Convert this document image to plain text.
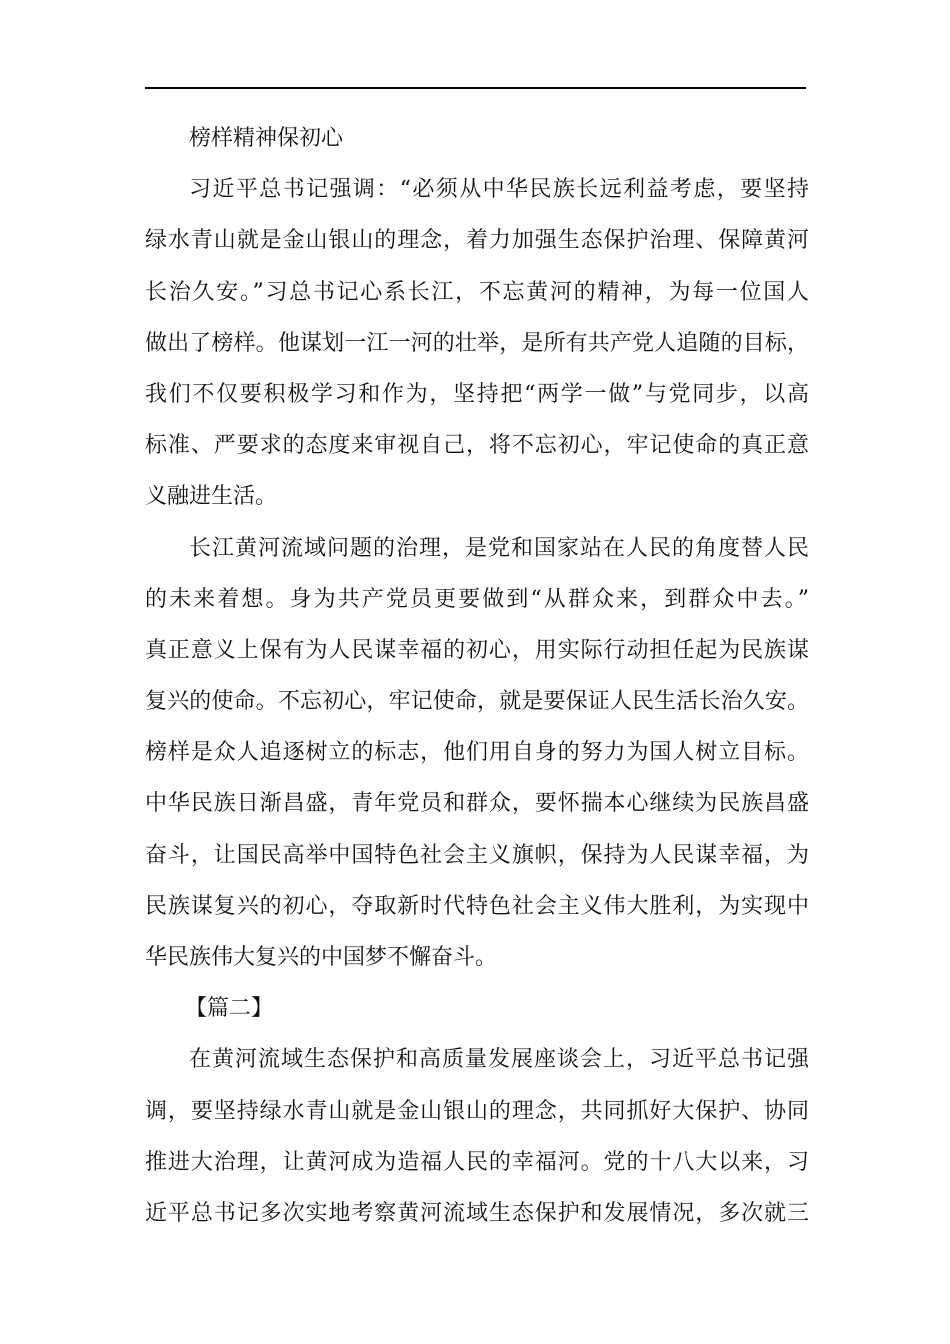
榜样精神保初心
习近平总书记强调：“必须从中华民族长远利益考虑，要坚持
绿水青山就是金山银山的理念，着力加强生态保护治理、保障黄河
长治久安。”习总书记心系长江，不忘黄河的精神，为每一位国人
做出了榜样。他谋划一江一河的壮举，是所有共产党人追随的目标，
我们不仅要积极学习和作为，坚持把“两学一做”与党同步，以高
标准、严要求的态度来审视自己，将不忘初心，牢记使命的真正意
义融进生活。
长江黄河流域问题的治理，是党和国家站在人民的角度替人民
的未来着想。身为共产党员更要做到“从群众来，到群众中去。”
真正意义上保有为人民谋幸福的初心，用实际行动担任起为民族谋
复兴的使命。不忘初心，牢记使命，就是要保证人民生活长治久安。
榜样是众人追逐树立的标志，他们用自身的努力为国人树立目标。
中华民族日渐昌盛，青年党员和群众，要怀揣本心继续为民族昌盛
奋斗，让国民高举中国特色社会主义旗帜，保持为人民谋幸福，为
民族谋复兴的初心，夺取新时代特色社会主义伟大胜利，为实现中
华民族伟大复兴的中国梦不懈奋斗。
【篇二】
在黄河流域生态保护和高质量发展座谈会上，习近平总书记强
调，要坚持绿水青山就是金山银山的理念，共同抓好大保护、协同
推进大治理，让黄河成为造福人民的幸福河。党的十八大以来，习
近平总书记多次实地考察黄河流域生态保护和发展情况，多次就三
